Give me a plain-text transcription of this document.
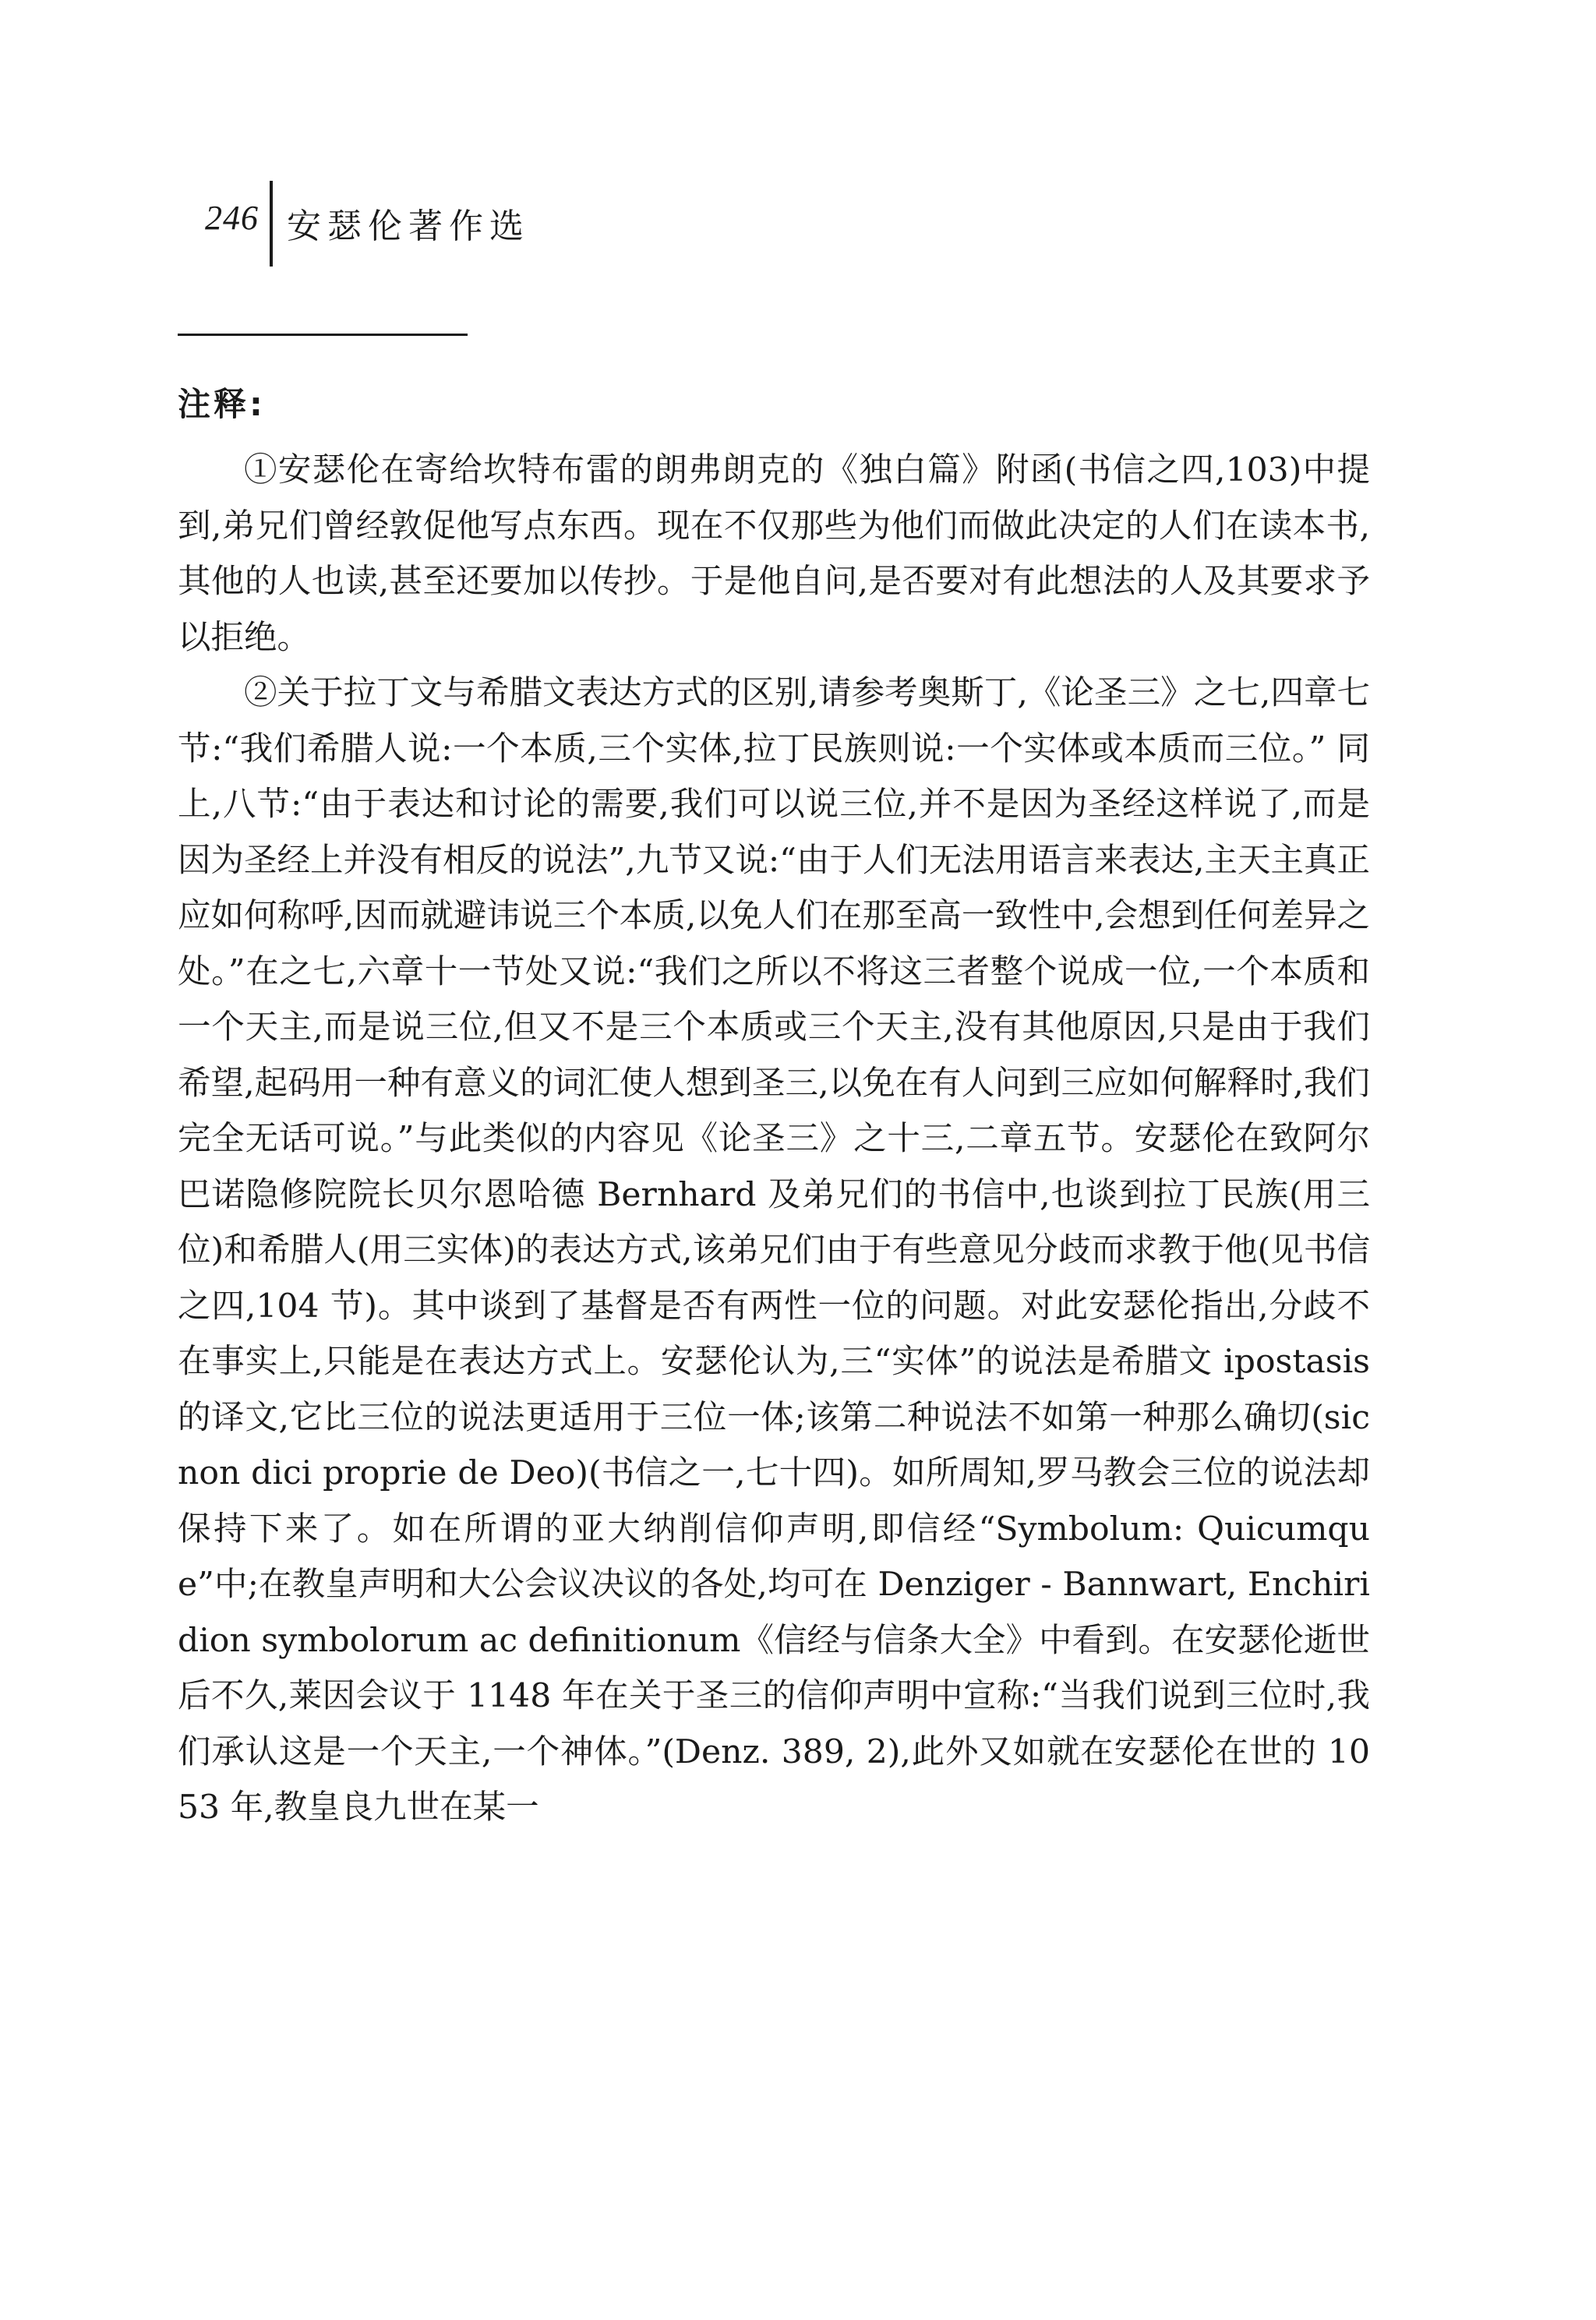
246 安瑟伦著作选
注释:

①安瑟伦在寄给坎特布雷的朗弗朗克的《独白篇》附函(书信之四,103)中提到,弟兄们曾经敦促他写点东西。现在不仅那些为他们而做此决定的人们在读本书,其他的人也读,甚至还要加以传抄。于是他自问,是否要对有此想法的人及其要求予以拒绝。

②关于拉丁文与希腊文表达方式的区别,请参考奥斯丁,《论圣三》之七,四章七节:“我们希腊人说:一个本质,三个实体,拉丁民族则说:一个实体或本质而三位。” 同上,八节:“由于表达和讨论的需要,我们可以说三位,并不是因为圣经这样说了,而是因为圣经上并没有相反的说法”,九节又说:“由于人们无法用语言来表达,主天主真正应如何称呼,因而就避讳说三个本质,以免人们在那至高一致性中,会想到任何差异之处。”在之七,六章十一节处又说:“我们之所以不将这三者整个说成一位,一个本质和一个天主,而是说三位,但又不是三个本质或三个天主,没有其他原因,只是由于我们希望,起码用一种有意义的词汇使人想到圣三,以免在有人问到三应如何解释时,我们完全无话可说。”与此类似的内容见《论圣三》之十三,二章五节。安瑟伦在致阿尔巴诺隐修院院长贝尔恩哈德 Bernhard 及弟兄们的书信中,也谈到拉丁民族(用三位)和希腊人(用三实体)的表达方式,该弟兄们由于有些意见分歧而求教于他(见书信之四,104 节)。其中谈到了基督是否有两性一位的问题。对此安瑟伦指出,分歧不在事实上,只能是在表达方式上。安瑟伦认为,三“实体”的说法是希腊文 ipostasis 的译文,它比三位的说法更适用于三位一体;该第二种说法不如第一种那么确切(sic non dici proprie de Deo)(书信之一,七十四)。如所周知,罗马教会三位的说法却保持下来了。如在所谓的亚大纳削信仰声明,即信经“Symbolum: Quicumque”中;在教皇声明和大公会议决议的各处,均可在 Denziger - Bannwart, Enchiridion symbolorum ac definitionum《信经与信条大全》中看到。在安瑟伦逝世后不久,莱因会议于 1148 年在关于圣三的信仰声明中宣称:“当我们说到三位时,我们承认这是一个天主,一个神体。”(Denz. 389, 2),此外又如就在安瑟伦在世的 1053 年,教皇良九世在某一
